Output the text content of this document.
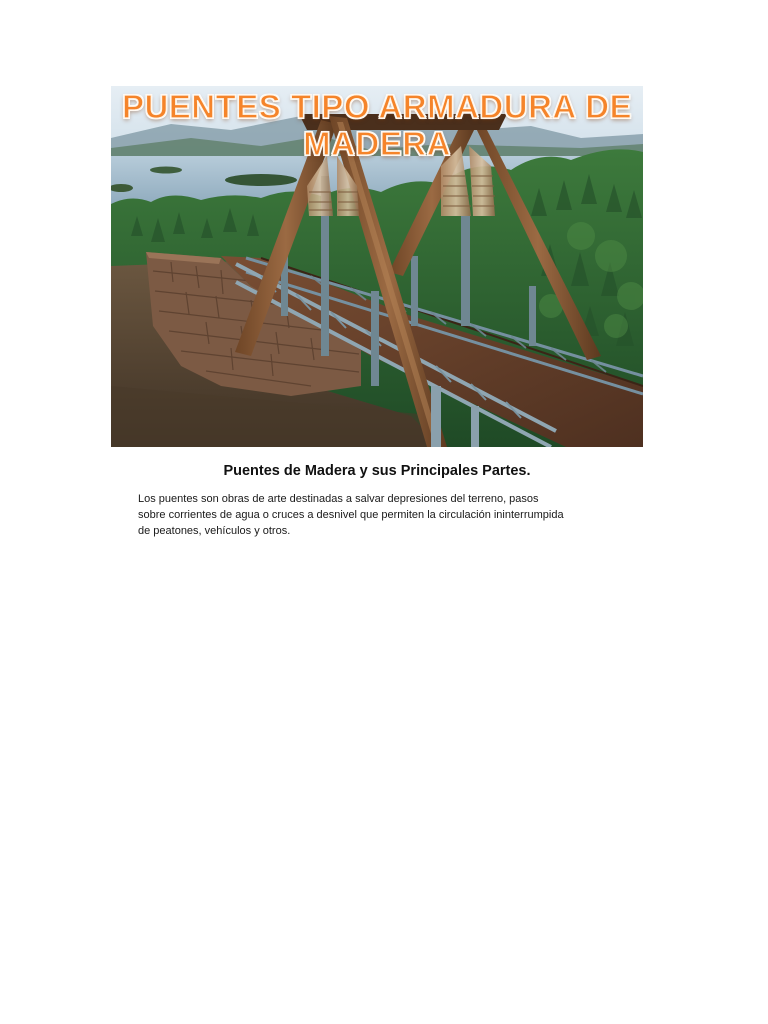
PUENTES TIPO ARMADURA DE MADERA
Puentes de Madera y sus Principales Partes.

Los puentes son obras de arte destinadas a salvar depresiones del terreno, pasos sobre corrientes de agua o cruces a desnivel que permiten la circulación ininterrumpida de peatones, vehículos y otros.
